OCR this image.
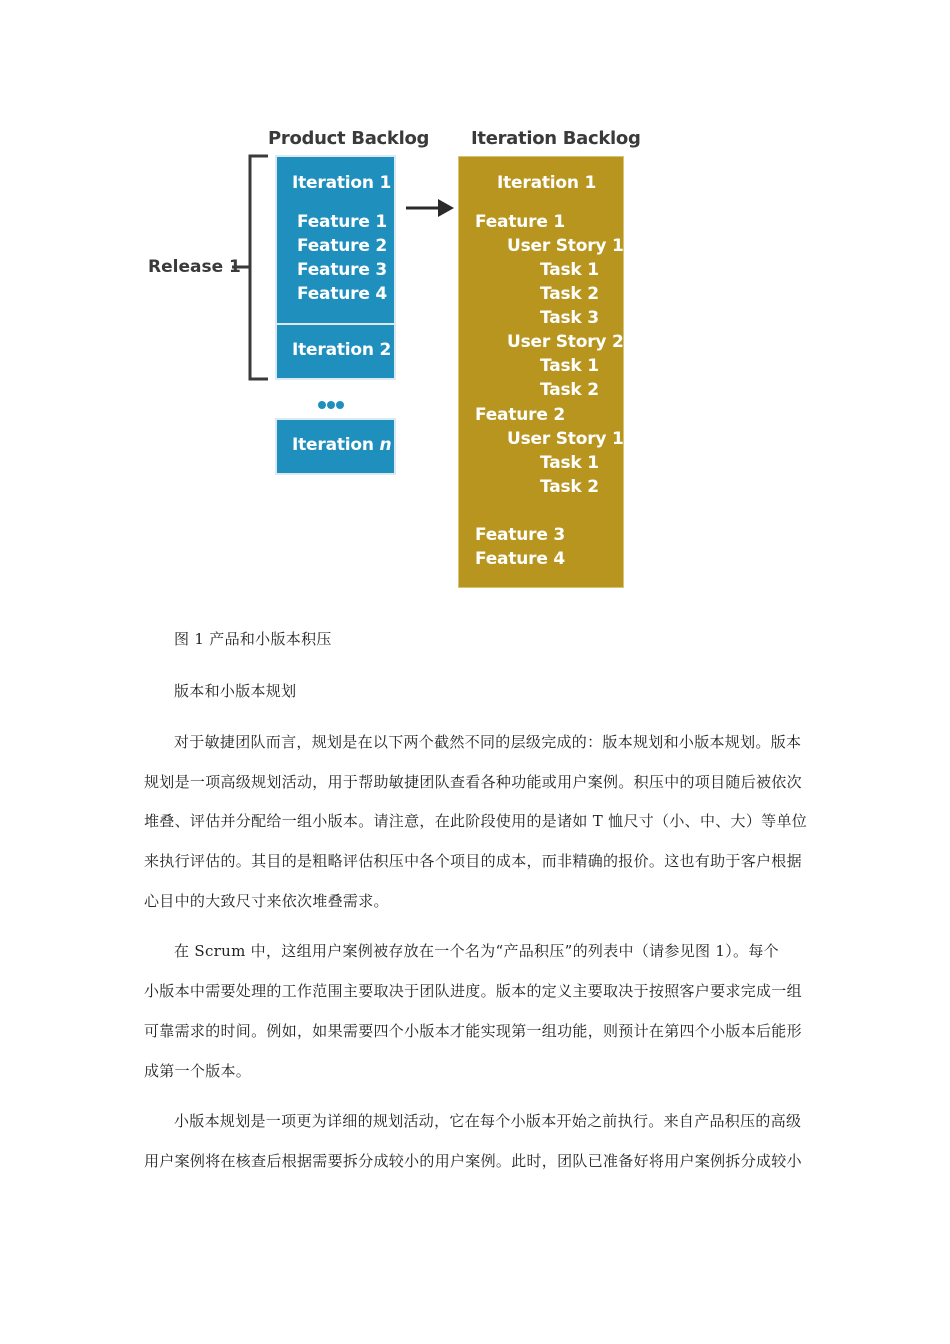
Product Backlog Iteration Backlog
Release 1
Iteration 1
Feature 1
Feature 2
Feature 3
Feature 4
Iteration 2
Iteration n
Iteration 1
Feature 1
User Story 1
Task 1
Task 2
Task 3
User Story 2
Task 1
Task 2
Feature 2
User Story 1
Task 1
Task 2
Feature 3
Feature 4
图 1 产品和小版本积压
版本和小版本规划
对于敏捷团队而言，规划是在以下两个截然不同的层级完成的：版本规划和小版本规划。版本
规划是一项高级规划活动，用于帮助敏捷团队查看各种功能或用户案例。积压中的项目随后被依次
堆叠、评估并分配给一组小版本。请注意，在此阶段使用的是诸如 T 恤尺寸（小、中、大）等单位
来执行评估的。其目的是粗略评估积压中各个项目的成本，而非精确的报价。这也有助于客户根据
心目中的大致尺寸来依次堆叠需求。
在 Scrum 中，这组用户案例被存放在一个名为“产品积压”的列表中（请参见图 1）。每个
小版本中需要处理的工作范围主要取决于团队进度。版本的定义主要取决于按照客户要求完成一组
可靠需求的时间。例如，如果需要四个小版本才能实现第一组功能，则预计在第四个小版本后能形
成第一个版本。
小版本规划是一项更为详细的规划活动，它在每个小版本开始之前执行。来自产品积压的高级
用户案例将在核查后根据需要拆分成较小的用户案例。此时，团队已准备好将用户案例拆分成较小
